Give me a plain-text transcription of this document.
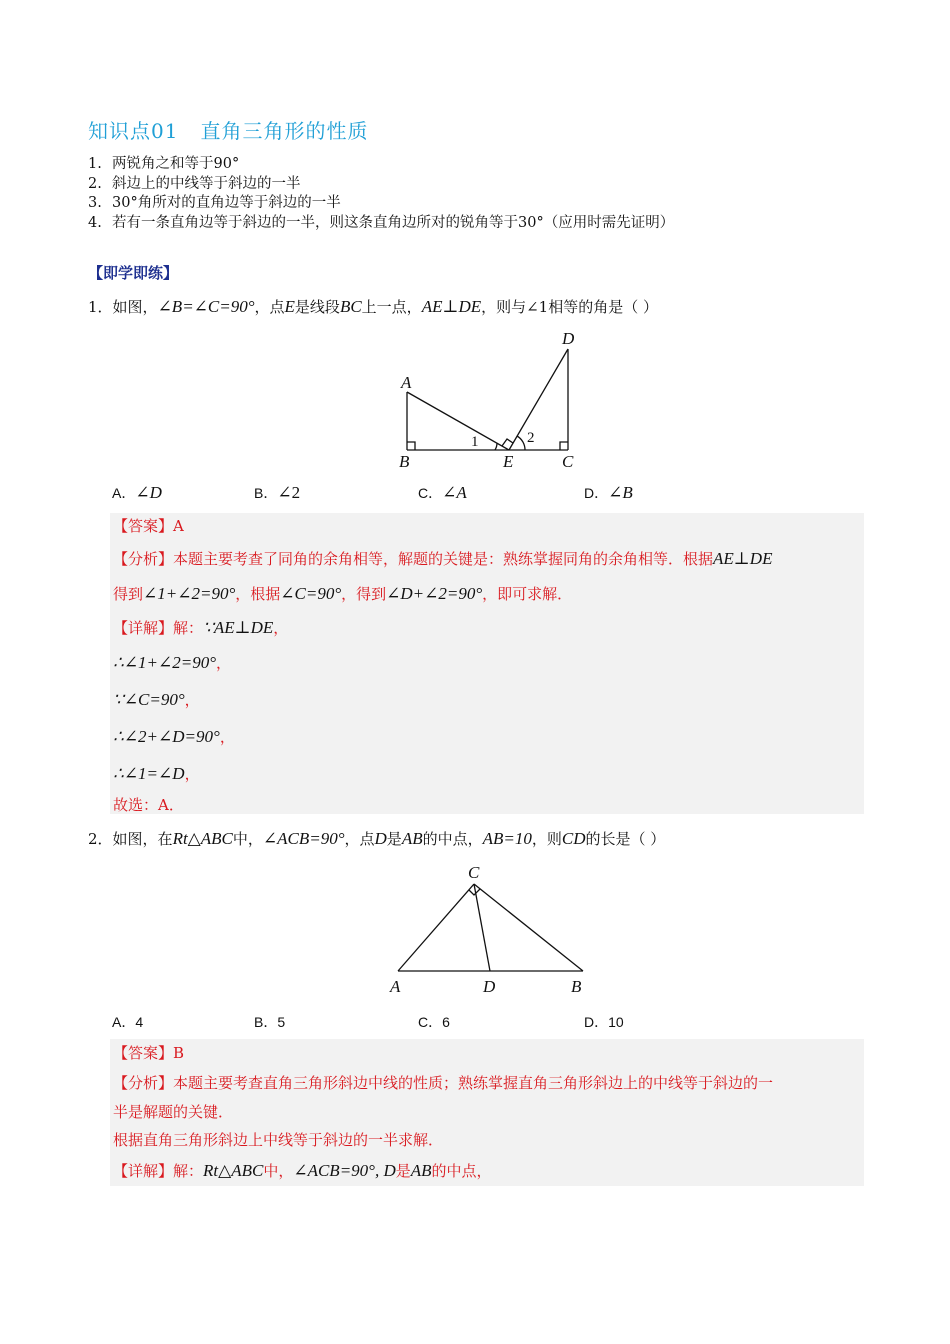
知识点01 直角三角形的性质
1. 两锐角之和等于90°
2. 斜边上的中线等于斜边的一半
3. 30°角所对的直角边等于斜边的一半
4. 若有一条直角边等于斜边的一半，则这条直角边所对的锐角等于30°（应用时需先证明）
【即学即练】
1．如图，∠B=∠C=90°，点E是线段BC上一点，AE⊥DE，则与∠1相等的角是（ ）
A
B
D
E	C
1	2
A．∠D	B．∠2	C．∠A	D．∠B
【答案】A
【分析】本题主要考查了同角的余角相等，解题的关键是：熟练掌握同角的余角相等．根据AE⊥DE
得到∠1+∠2=90°，根据∠C=90°，得到∠D+∠2=90°，即可求解．
【详解】解：∵AE⊥DE，
∴∠1+∠2=90°，
∵∠C=90°，
∴∠2+∠D=90°，
∴∠1=∠D，
故选：A．
2．如图，在Rt△ABC中，∠ACB=90°，点D是AB的中点，AB=10，则CD的长是（ ）
C
A	D	B
A．4	B．5	C．6	D．10
【答案】B
【分析】本题主要考查直角三角形斜边中线的性质；熟练掌握直角三角形斜边上的中线等于斜边的一
半是解题的关键．
根据直角三角形斜边上中线等于斜边的一半求解．
【详解】解：Rt△ABC中，∠ACB=90°, D是AB的中点，
